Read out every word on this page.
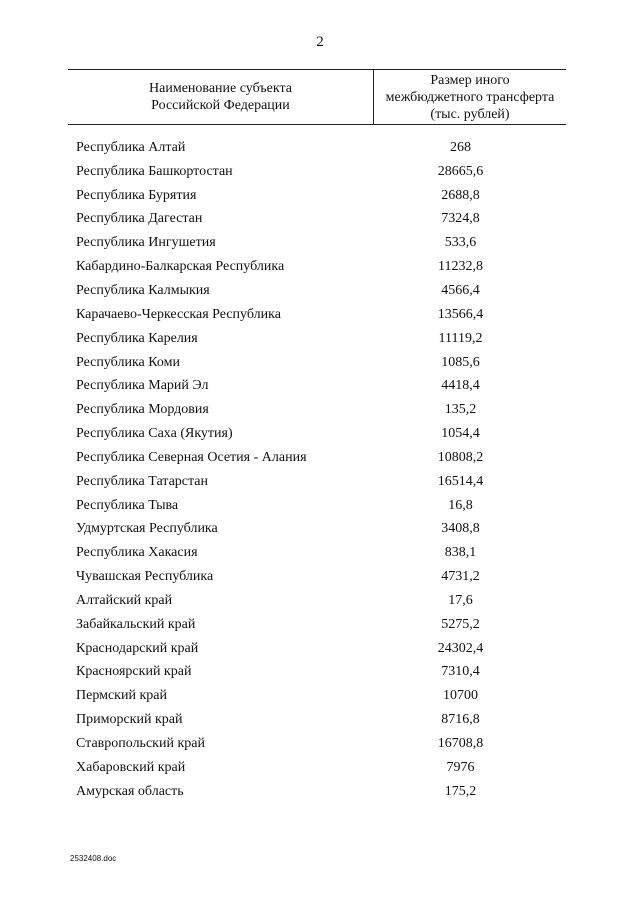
2
Наименование субъекта
Российской Федерации
Размер иного
межбюджетного трансферта
(тыс. рублей)
Республика Алтай	268
Республика Башкортостан	28665,6
Республика Бурятия	2688,8
Республика Дагестан	7324,8
Республика Ингушетия	533,6
Кабардино-Балкарская Республика	11232,8
Республика Калмыкия	4566,4
Карачаево-Черкесская Республика	13566,4
Республика Карелия	11119,2
Республика Коми	1085,6
Республика Марий Эл	4418,4
Республика Мордовия	135,2
Республика Саха (Якутия)	1054,4
Республика Северная Осетия - Алания	10808,2
Республика Татарстан	16514,4
Республика Тыва	16,8
Удмуртская Республика	3408,8
Республика Хакасия	838,1
Чувашская Республика	4731,2
Алтайский край	17,6
Забайкальский край	5275,2
Краснодарский край	24302,4
Красноярский край	7310,4
Пермский край	10700
Приморский край	8716,8
Ставропольский край	16708,8
Хабаровский край	7976
Амурская область	175,2
2532408.doc
